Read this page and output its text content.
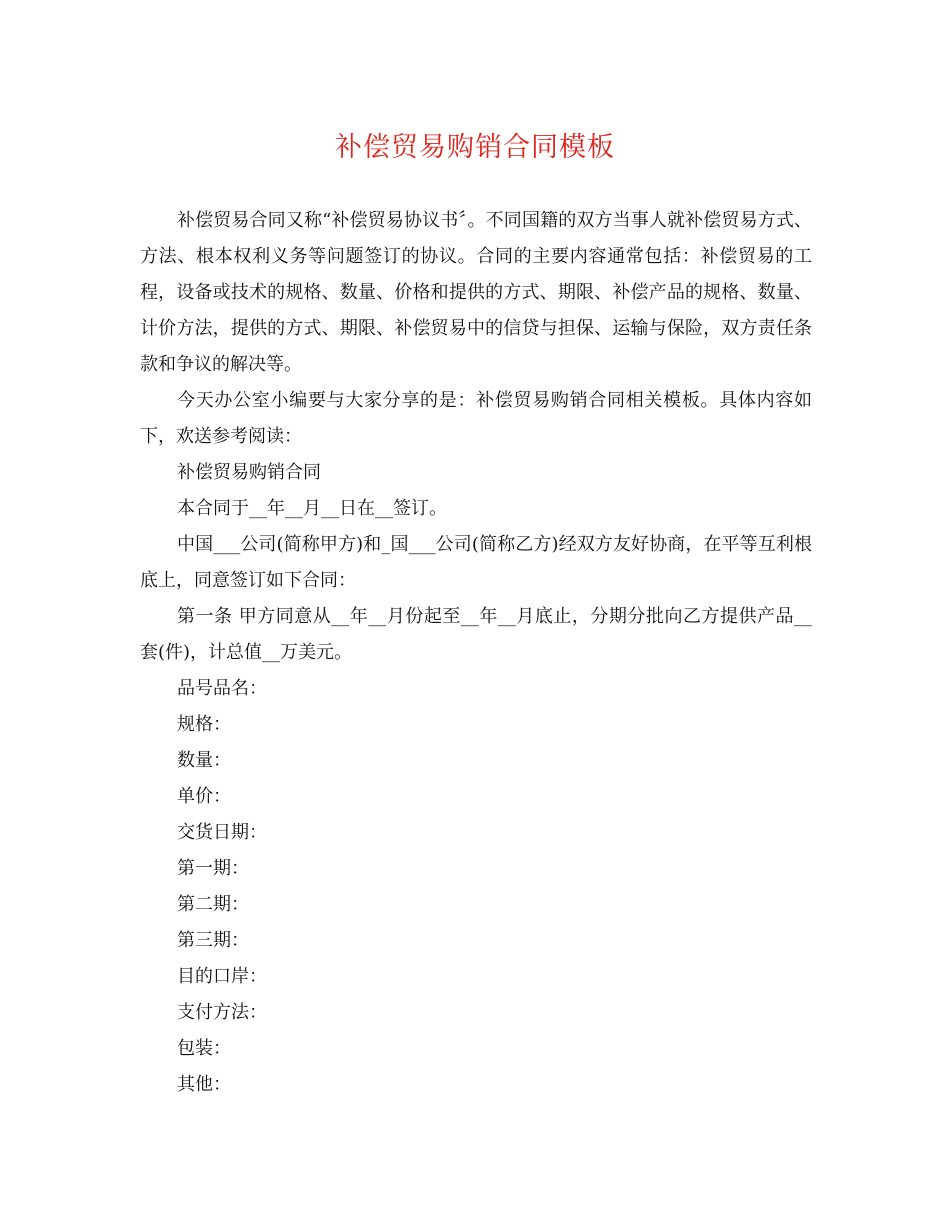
补偿贸易购销合同模板

补偿贸易合同又称“补偿贸易协议书〞。不同国籍的双方当事人就补偿贸易方式、方法、根本权利义务等问题签订的协议。合同的主要内容通常包括：补偿贸易的工程，设备或技术的规格、数量、价格和提供的方式、期限、补偿产品的规格、数量、计价方法，提供的方式、期限、补偿贸易中的信贷与担保、运输与保险，双方责任条款和争议的解决等。

今天办公室小编要与大家分享的是：补偿贸易购销合同相关模板。具体内容如下，欢送参考阅读：

补偿贸易购销合同

本合同于__年__月__日在__签订。

中国___公司(简称甲方)和_国___公司(简称乙方)经双方友好协商，在平等互利根底上，同意签订如下合同：

第一条 甲方同意从__年__月份起至__年__月底止，分期分批向乙方提供产品__套(件)，计总值__万美元。

品号品名：

规格：

数量：

单价：

交货日期：

第一期：

第二期：

第三期：

目的口岸：

支付方法：

包装：

其他：
